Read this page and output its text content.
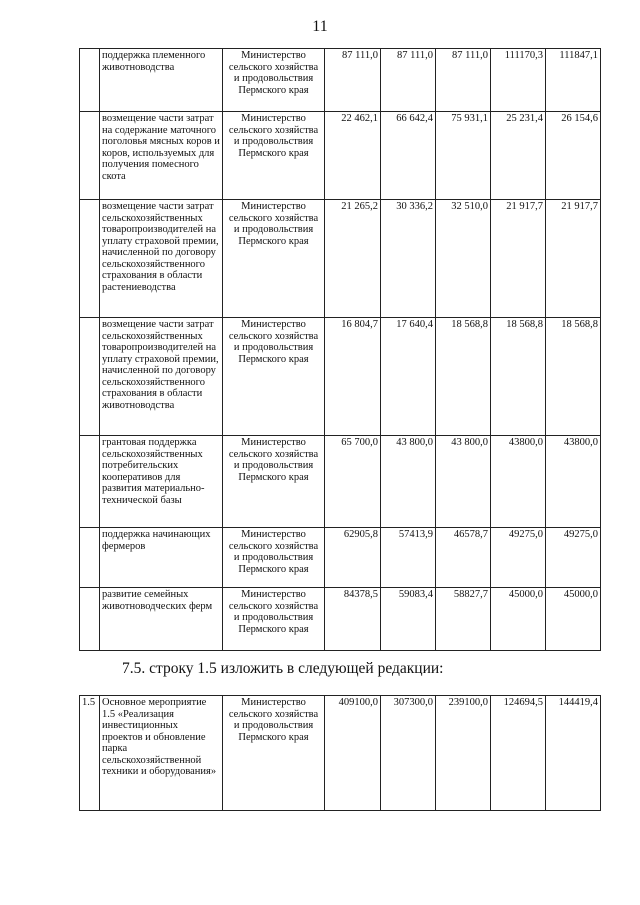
11
	поддержка племенного животноводства	Министерство сельского хозяйства и продовольствия Пермского края	87 111,0	87 111,0	87 111,0	111170,3	111847,1
	возмещение части затрат на содержание маточного поголовья мясных коров и коров, используемых для получения помесного скота	Министерство сельского хозяйства и продовольствия Пермского края	22 462,1	66 642,4	75 931,1	25 231,4	26 154,6
	возмещение части затрат сельскохозяйственных товаропроизводителей на уплату страховой премии, начисленной по договору сельскохозяйственного страхования в области растениеводства	Министерство сельского хозяйства и продовольствия Пермского края	21 265,2	30 336,2	32 510,0	21 917,7	21 917,7
	возмещение части затрат сельскохозяйственных товаропроизводителей на уплату страховой премии, начисленной по договору сельскохозяйственного страхования в области животноводства	Министерство сельского хозяйства и продовольствия Пермского края	16 804,7	17 640,4	18 568,8	18 568,8	18 568,8
	грантовая поддержка сельскохозяйственных потребительских кооперативов для развития материально-технической базы	Министерство сельского хозяйства и продовольствия Пермского края	65 700,0	43 800,0	43 800,0	43800,0	43800,0
	поддержка начинающих фермеров	Министерство сельского хозяйства и продовольствия Пермского края	62905,8	57413,9	46578,7	49275,0	49275,0
	развитие семейных животноводческих ферм	Министерство сельского хозяйства и продовольствия Пермского края	84378,5	59083,4	58827,7	45000,0	45000,0
7.5. строку 1.5 изложить в следующей редакции:
1.5	Основное мероприятие 1.5 «Реализация инвестиционных проектов и обновление парка сельскохозяйственной техники и оборудования»	Министерство сельского хозяйства и продовольствия Пермского края	409100,0	307300,0	239100,0	124694,5	144419,4
